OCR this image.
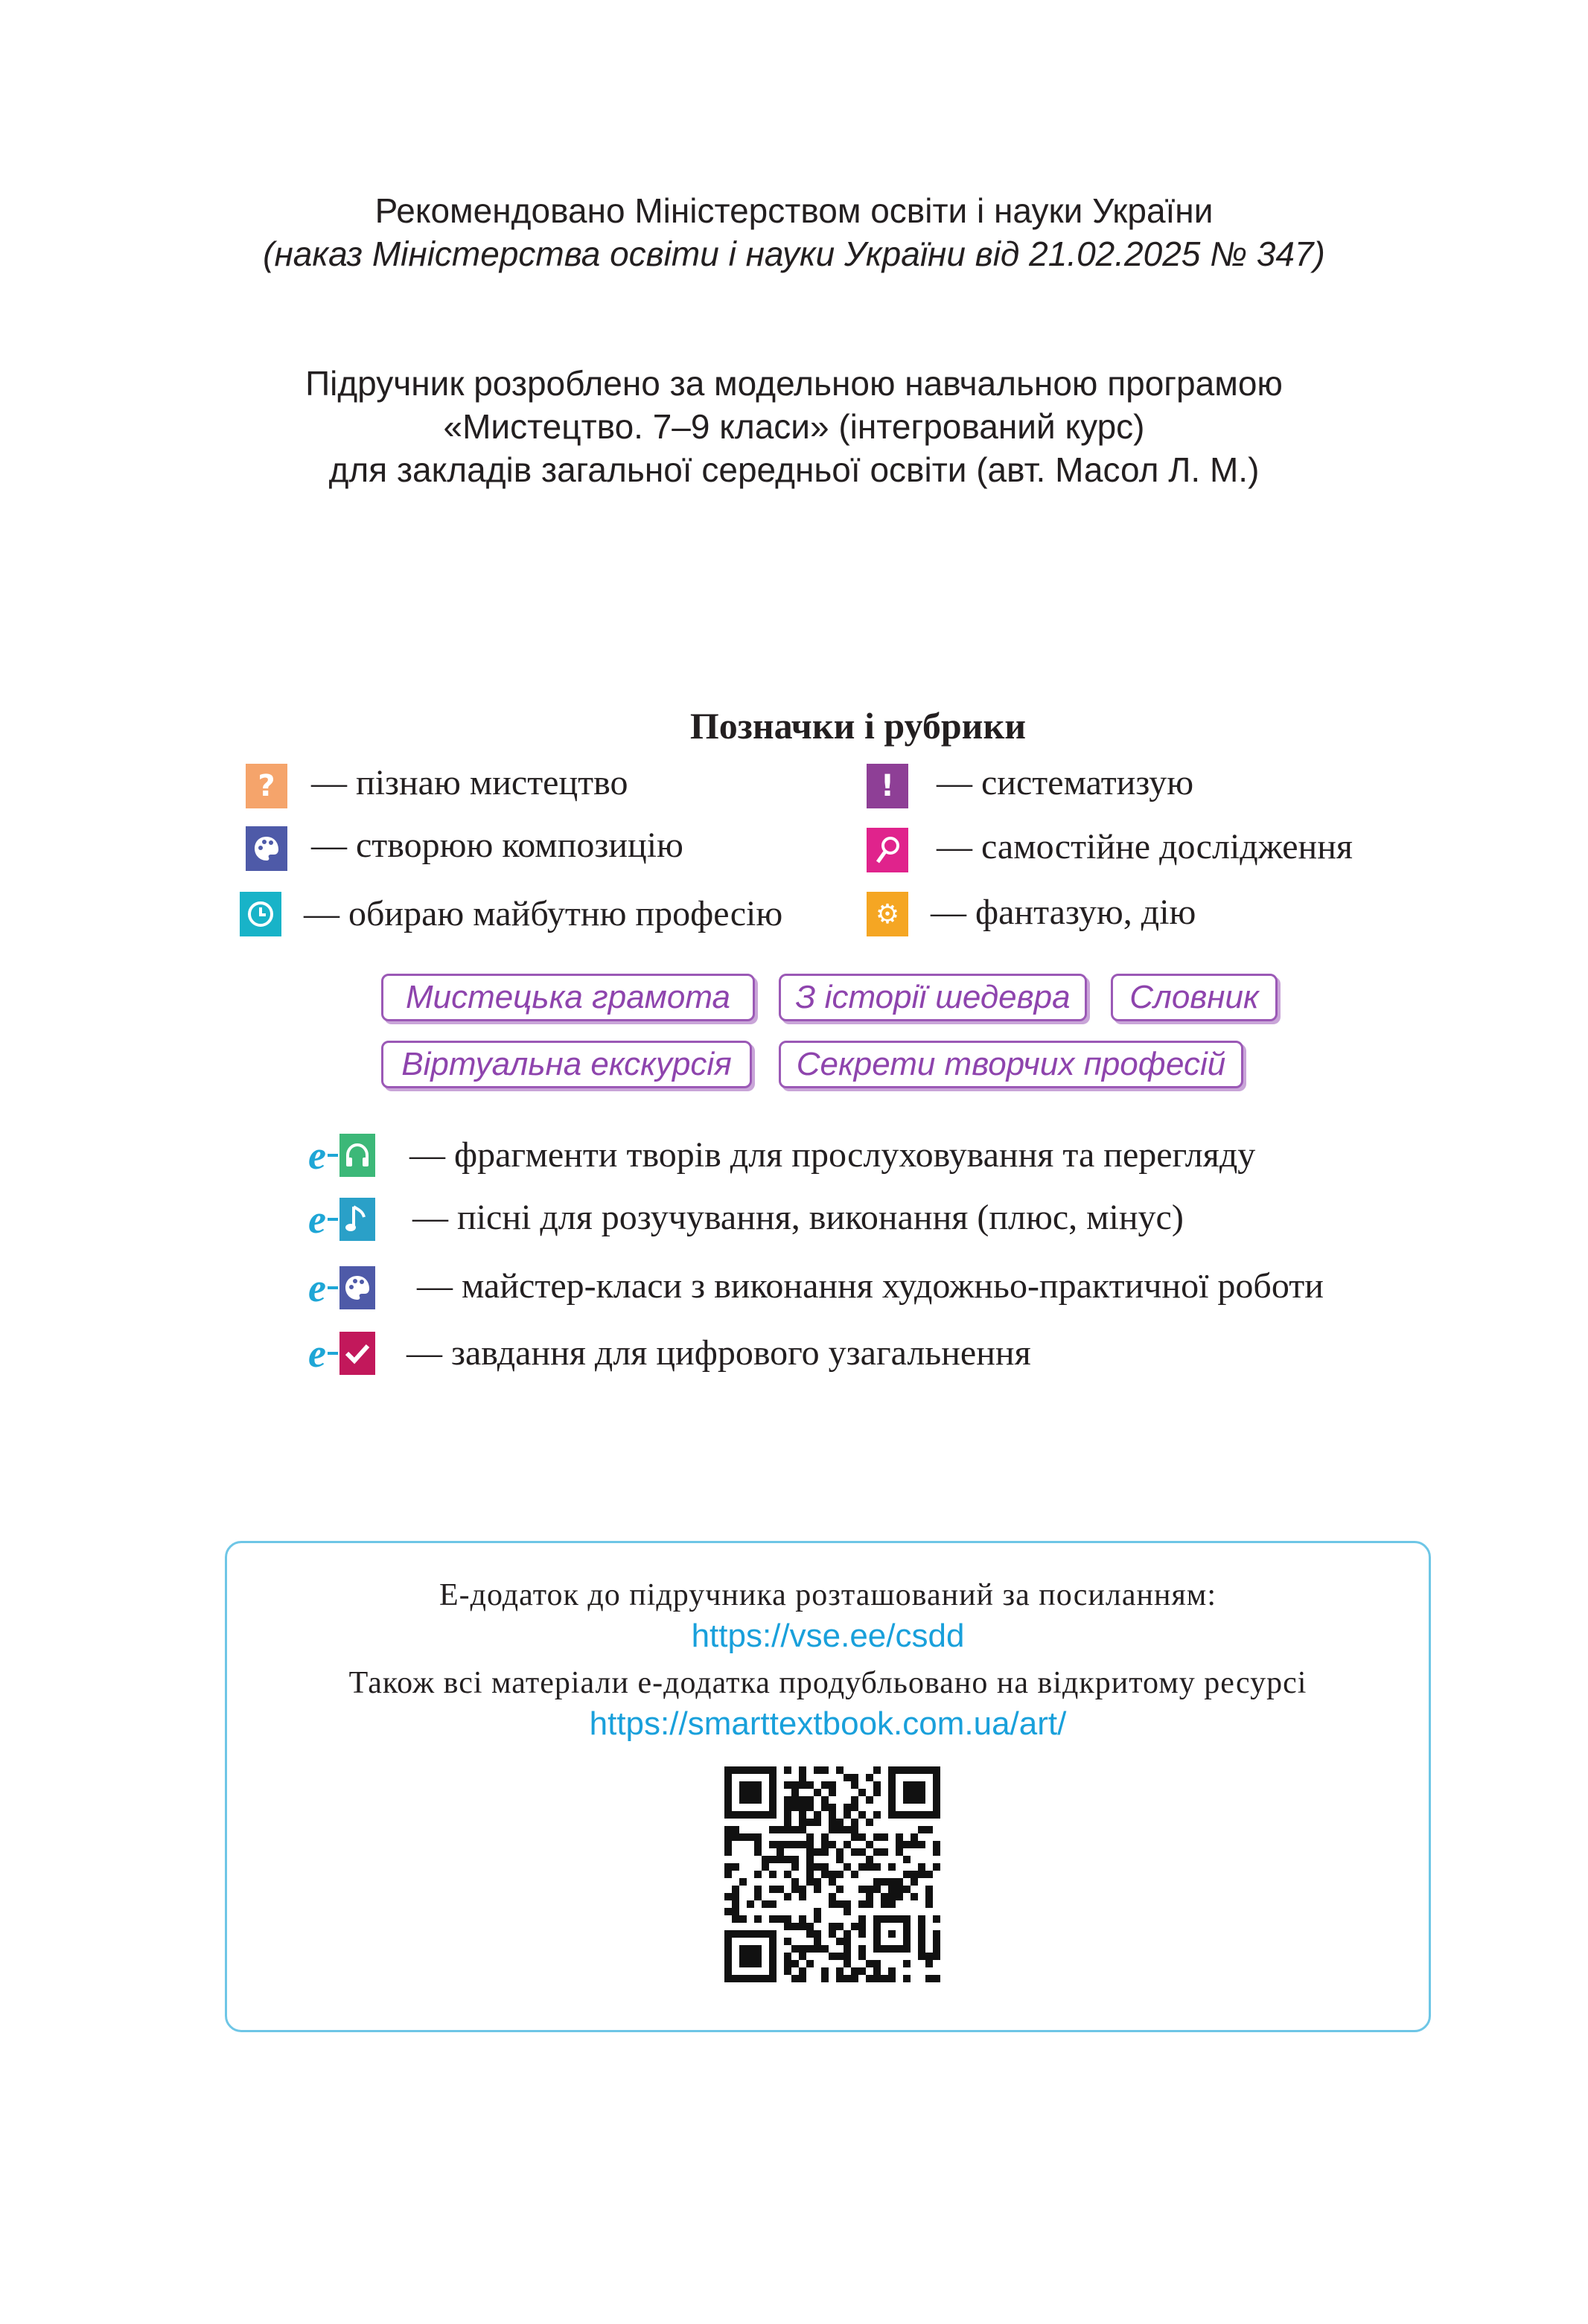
Рекомендовано Міністерством освіти і науки України
(наказ Міністерства освіти і науки України від 21.02.2025 № 347)
Підручник розроблено за модельною навчальною програмою
«Мистецтво. 7–9 класи» (інтегрований курс)
для закладів загальної середньої освіти (авт. Масол Л. М.)
Позначки і рубрики
? — пізнаю мистецтво
— створюю композицію
— обираю майбутню професію
! — систематизую
— самостійне дослідження
⚙ — фантазую, дію
Мистецька грамота	З історії шедевра	Словник
Віртуальна екскурсія	Секрети творчих професій
e — фрагменти творів для прослуховування та перегляду
e — пісні для розучування, виконання (плюс, мінус)
e	— майстер-класи з виконання художньо-практичної роботи
e — завдання для цифрового узагальнення
Е-додаток до підручника розташований за посиланням:
https://vse.ee/csdd
Також всі матеріали е-додатка продубльовано на відкритому ресурсі
https://smarttextbook.com.ua/art/
